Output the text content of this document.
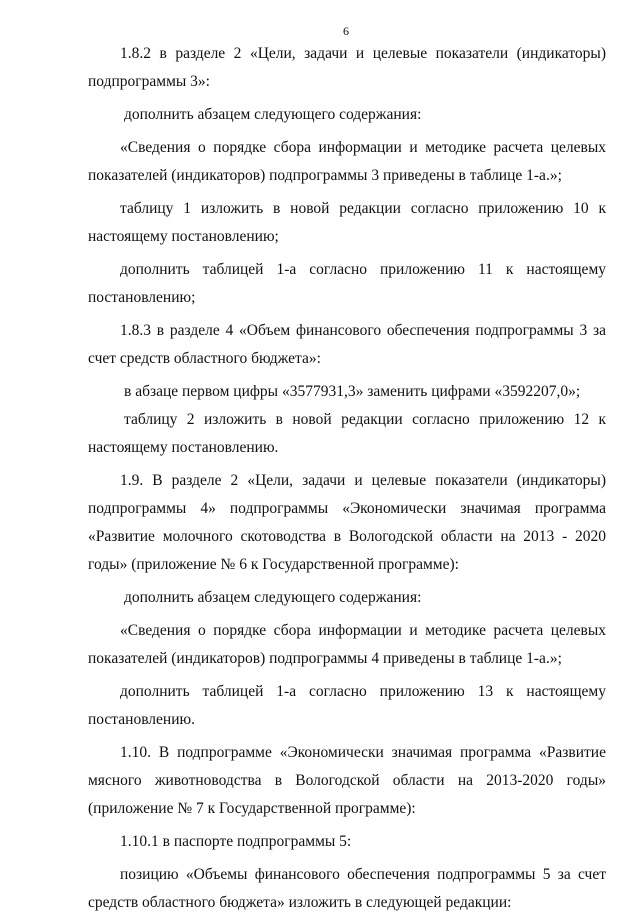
6

1.8.2 в разделе 2 «Цели, задачи и целевые показатели (индикаторы) подпрограммы 3»:

дополнить абзацем следующего содержания:

«Сведения о порядке сбора информации и методике расчета целевых показателей (индикаторов) подпрограммы 3 приведены в таблице 1-а.»;

таблицу 1 изложить в новой редакции согласно приложению 10 к настоящему постановлению;

дополнить таблицей 1-а согласно приложению 11 к настоящему постановлению;

1.8.3 в разделе 4 «Объем финансового обеспечения подпрограммы 3 за счет средств областного бюджета»:

в абзаце первом цифры «3577931,3» заменить цифрами «3592207,0»;

таблицу 2 изложить в новой редакции согласно приложению 12 к настоящему постановлению.

1.9. В разделе 2 «Цели, задачи и целевые показатели (индикаторы) подпрограммы 4» подпрограммы «Экономически значимая программа «Развитие молочного скотоводства в Вологодской области на 2013 - 2020 годы» (приложение № 6 к Государственной программе):

дополнить абзацем следующего содержания:

«Сведения о порядке сбора информации и методике расчета целевых показателей (индикаторов) подпрограммы 4 приведены в таблице 1-а.»;

дополнить таблицей 1-а согласно приложению 13 к настоящему постановлению.

1.10. В подпрограмме «Экономически значимая программа «Развитие мясного животноводства в Вологодской области на 2013-2020 годы» (приложение № 7 к Государственной программе):

1.10.1 в паспорте подпрограммы 5:

позицию «Объемы финансового обеспечения подпрограммы 5 за счет средств областного бюджета» изложить в следующей редакции:
